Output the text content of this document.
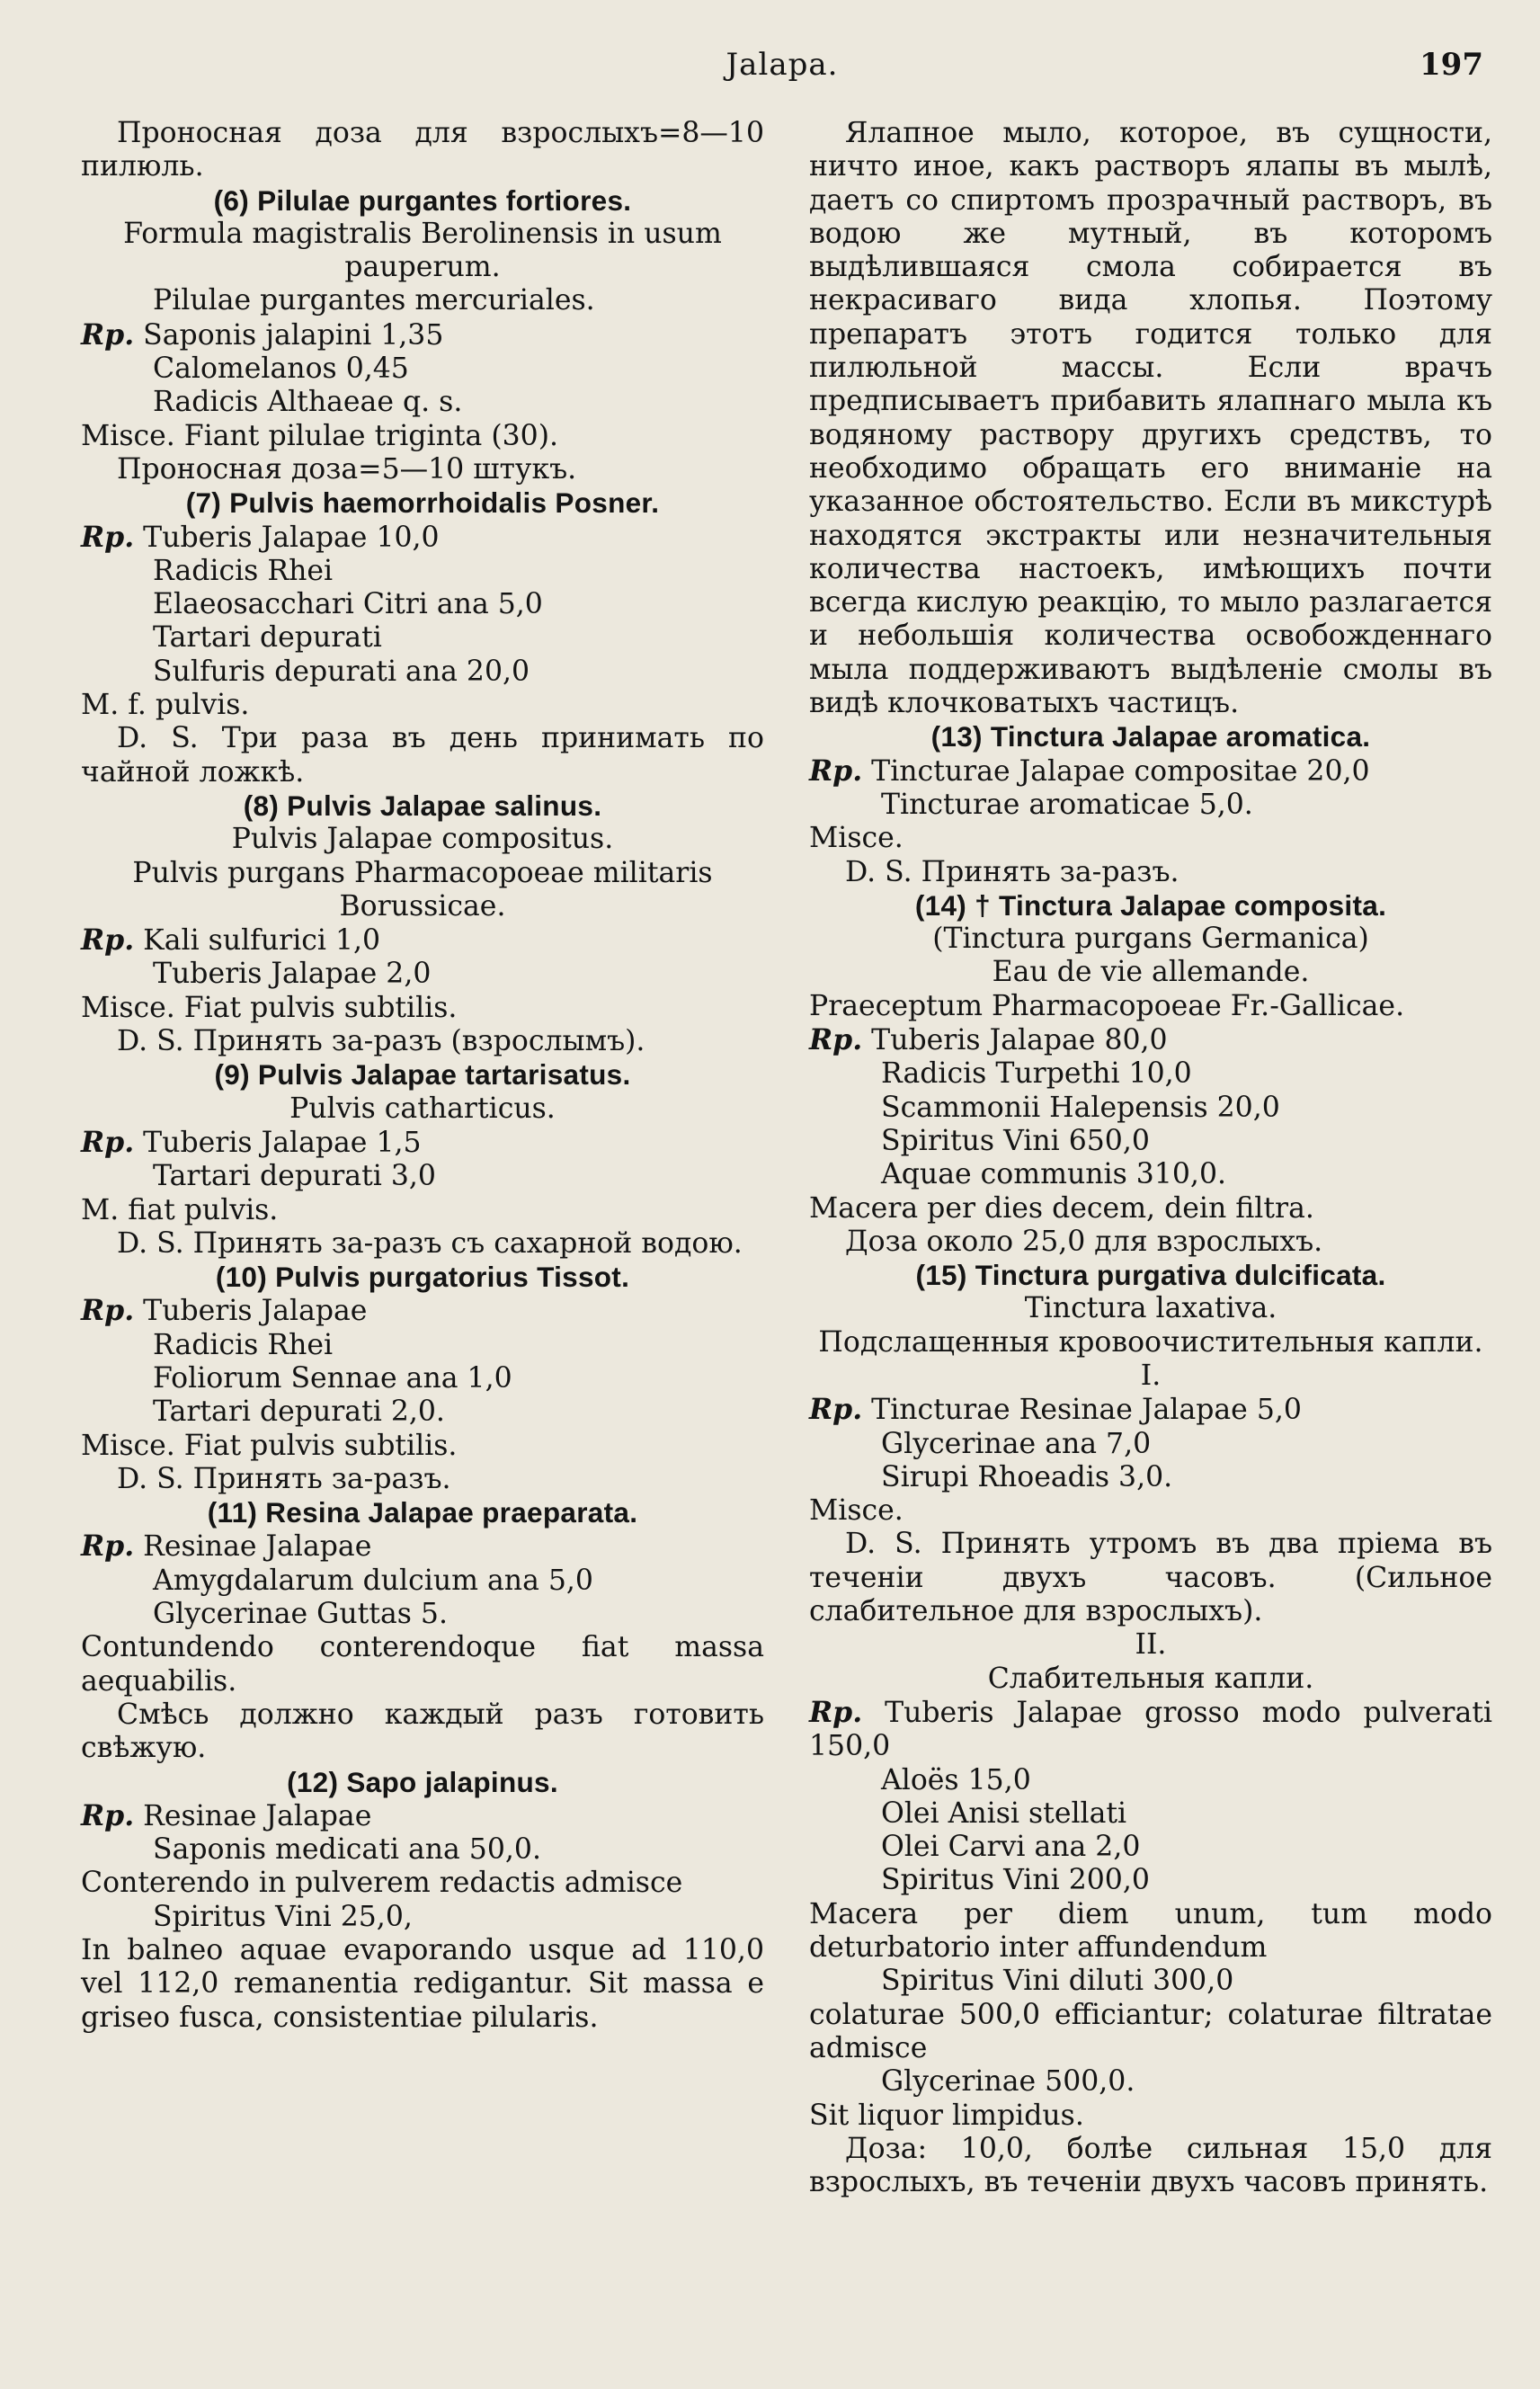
Jalapa.	197

Проносная доза для взрослыхъ=8—10 пилюль.

(6) Pilulae purgantes fortiores.

Formula magistralis Berolinensis in usum pauperum.

Pilulae purgantes mercuriales.

Rp. Saponis jalapini 1,35

Calomelanos 0,45

Radicis Althaeae q. s.

Misce. Fiant pilulae triginta (30).

Проносная доза=5—10 штукъ.

(7) Pulvis haemorrhoidalis Posner.

Rp. Tuberis Jalapae 10,0

Radicis Rhei

Elaeosacchari Citri ana 5,0

Tartari depurati

Sulfuris depurati ana 20,0

M. f. pulvis.

D. S. Три раза въ день принимать по чайной ложкѣ.

(8) Pulvis Jalapae salinus.

Pulvis Jalapae compositus.

Pulvis purgans Pharmacopoeae militaris Borussicae.

Rp. Kali sulfurici 1,0

Tuberis Jalapae 2,0

Misce. Fiat pulvis subtilis.

D. S. Принять за-разъ (взрослымъ).

(9) Pulvis Jalapae tartarisatus.

Pulvis catharticus.

Rp. Tuberis Jalapae 1,5

Tartari depurati 3,0

M. fiat pulvis.

D. S. Принять за-разъ съ сахарной водою.

(10) Pulvis purgatorius Tissot.

Rp. Tuberis Jalapae

Radicis Rhei

Foliorum Sennae ana 1,0

Tartari depurati 2,0.

Misce. Fiat pulvis subtilis.

D. S. Принять за-разъ.

(11) Resina Jalapae praeparata.

Rp. Resinae Jalapae

Amygdalarum dulcium ana 5,0

Glycerinae Guttas 5.

Contundendo conterendoque fiat massa aequabilis.

Смѣсь должно каждый разъ готовить свѣжую.

(12) Sapo jalapinus.

Rp. Resinae Jalapae

Saponis medicati ana 50,0.

Conterendo in pulverem redactis admisce

Spiritus Vini 25,0,

In balneo aquae evaporando usque ad 110,0 vel 112,0 remanentia redigantur. Sit massa e griseo fusca, consistentiae pilularis.

Ялапное мыло, которое, въ сущности, ничто иное, какъ растворъ ялапы въ мылѣ, даетъ со спиртомъ прозрачный растворъ, въ водою же мутный, въ которомъ выдѣлившаяся смола собирается въ некрасиваго вида хлопья. Поэтому препаратъ этотъ годится только для пилюльной массы. Если врачъ предписываетъ прибавить ялапнаго мыла къ водяному раствору другихъ средствъ, то необходимо обращать его вниманіе на указанное обстоятельство. Если въ микстурѣ находятся экстракты или незначительныя количества настоекъ, имѣющихъ почти всегда кислую реакцію, то мыло разлагается и небольшія количества освобожденнаго мыла поддерживаютъ выдѣленіе смолы въ видѣ клочковатыхъ частицъ.

(13) Tinctura Jalapae aromatica.

Rp. Tincturae Jalapae compositae 20,0

Tincturae aromaticae 5,0.

Misce.

D. S. Принять за-разъ.

(14) † Tinctura Jalapae composita.

(Tinctura purgans Germanica)

Eau de vie allemande.

Praeceptum Pharmacopoeae Fr.-Gallicae.

Rp. Tuberis Jalapae 80,0

Radicis Turpethi 10,0

Scammonii Halepensis 20,0

Spiritus Vini 650,0

Aquae communis 310,0.

Macera per dies decem, dein filtra.

Доза около 25,0 для взрослыхъ.

(15) Tinctura purgativa dulcificata.

Tinctura laxativa.

Подслащенныя кровоочистительныя капли.

I.

Rp. Tincturae Resinae Jalapae 5,0

Glycerinae ana 7,0

Sirupi Rhoeadis 3,0.

Misce.

D. S. Принять утромъ въ два пріема въ теченіи двухъ часовъ. (Сильное слабительное для взрослыхъ).

II.

Слабительныя капли.

Rp. Tuberis Jalapae grosso modo pulverati 150,0

Aloës 15,0

Olei Anisi stellati

Olei Carvi ana 2,0

Spiritus Vini 200,0

Macera per diem unum, tum modo deturbatorio inter affundendum

Spiritus Vini diluti 300,0

colaturae 500,0 efficiantur; colaturae filtratae admisce

Glycerinae 500,0.

Sit liquor limpidus.

Доза: 10,0, болѣе сильная 15,0 для взрослыхъ, въ теченіи двухъ часовъ принять.
